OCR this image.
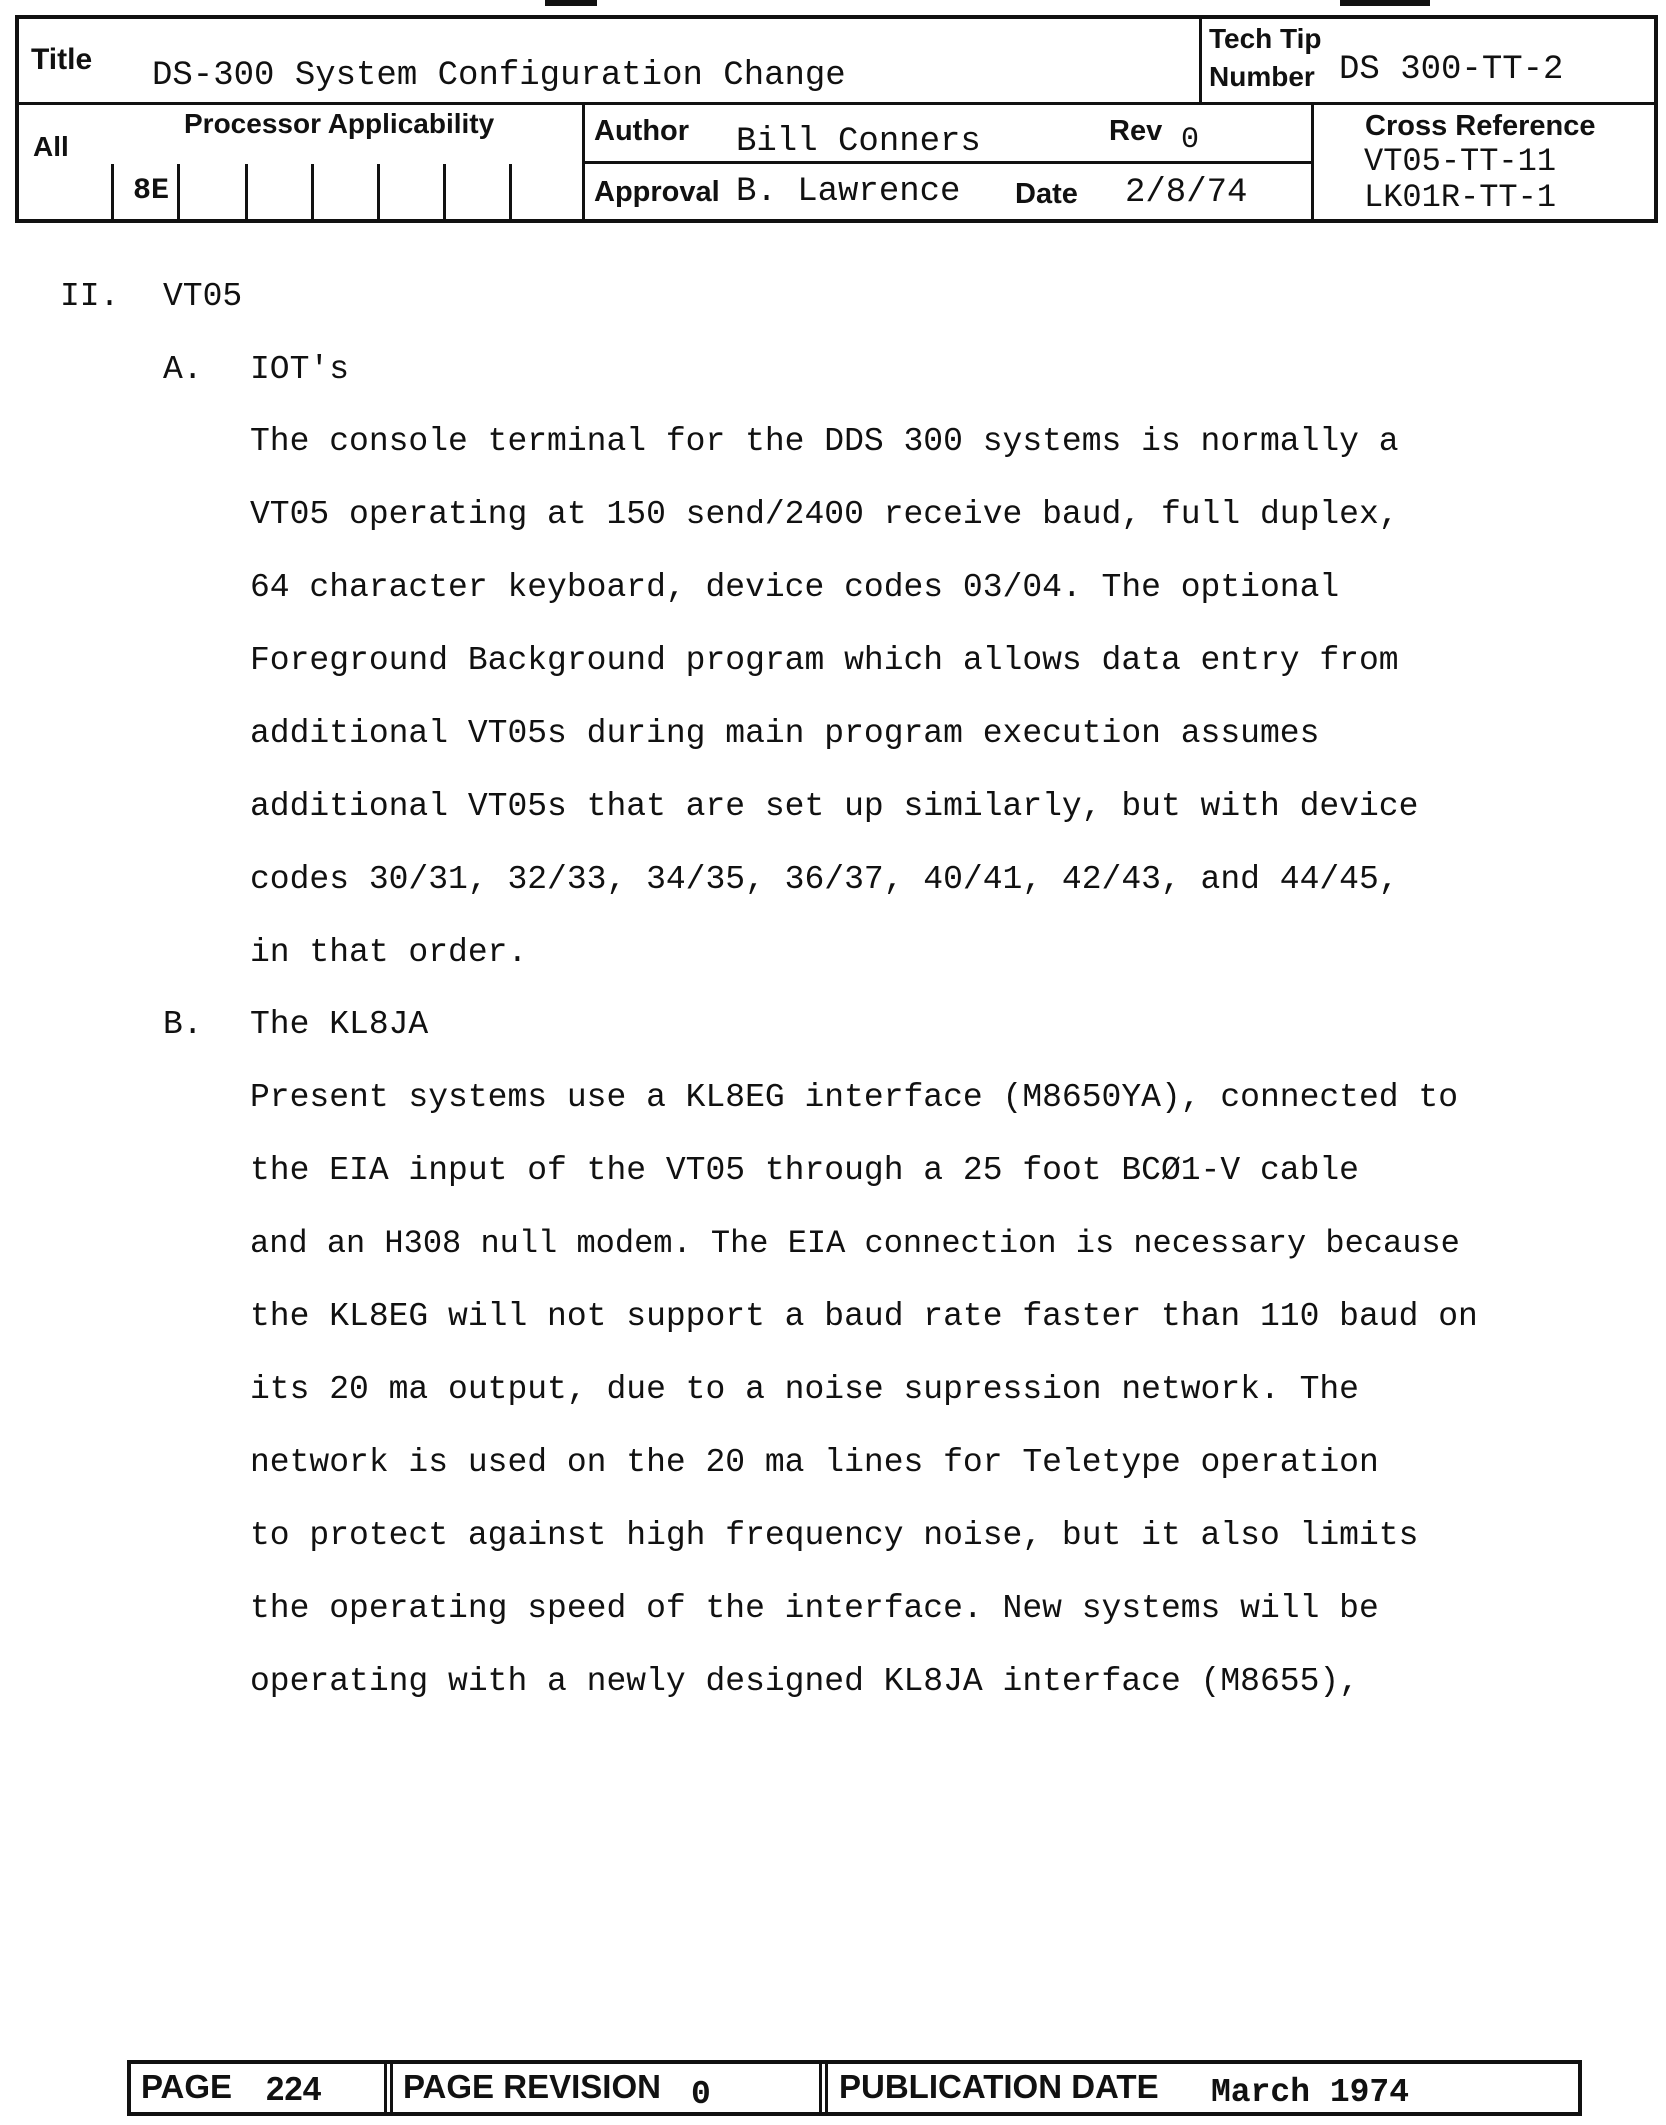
Title DS-300 System Configuration Change
Tech Tip
Number DS 300-TT-2
All
Processor Applicability
8E
Author Bill Conners	Rev 0
Approval B. Lawrence Date 2/8/74
Cross Reference
VT05-TT-11
LK01R-TT-1
II. VT05
A. IOT's
The console terminal for the DDS 300 systems is normally a
VT05 operating at 150 send/2400 receive baud, full duplex,
64 character keyboard, device codes 03/04. The optional
Foreground Background program which allows data entry from
additional VT05s during main program execution assumes
additional VT05s that are set up similarly, but with device
codes 30/31, 32/33, 34/35, 36/37, 40/41, 42/43, and 44/45,
in that order.
B. The KL8JA
Present systems use a KL8EG interface (M8650YA), connected to
the EIA input of the VT05 through a 25 foot BCØ1-V cable
and an H308 null modem. The EIA connection is necessary because
the KL8EG will not support a baud rate faster than 110 baud on
its 20 ma output, due to a noise supression network. The
network is used on the 20 ma lines for Teletype operation
to protect against high frequency noise, but it also limits
the operating speed of the interface. New systems will be
operating with a newly designed KL8JA interface (M8655),
PAGE 224 PAGE REVISION 0	PUBLICATION DATE March 1974
